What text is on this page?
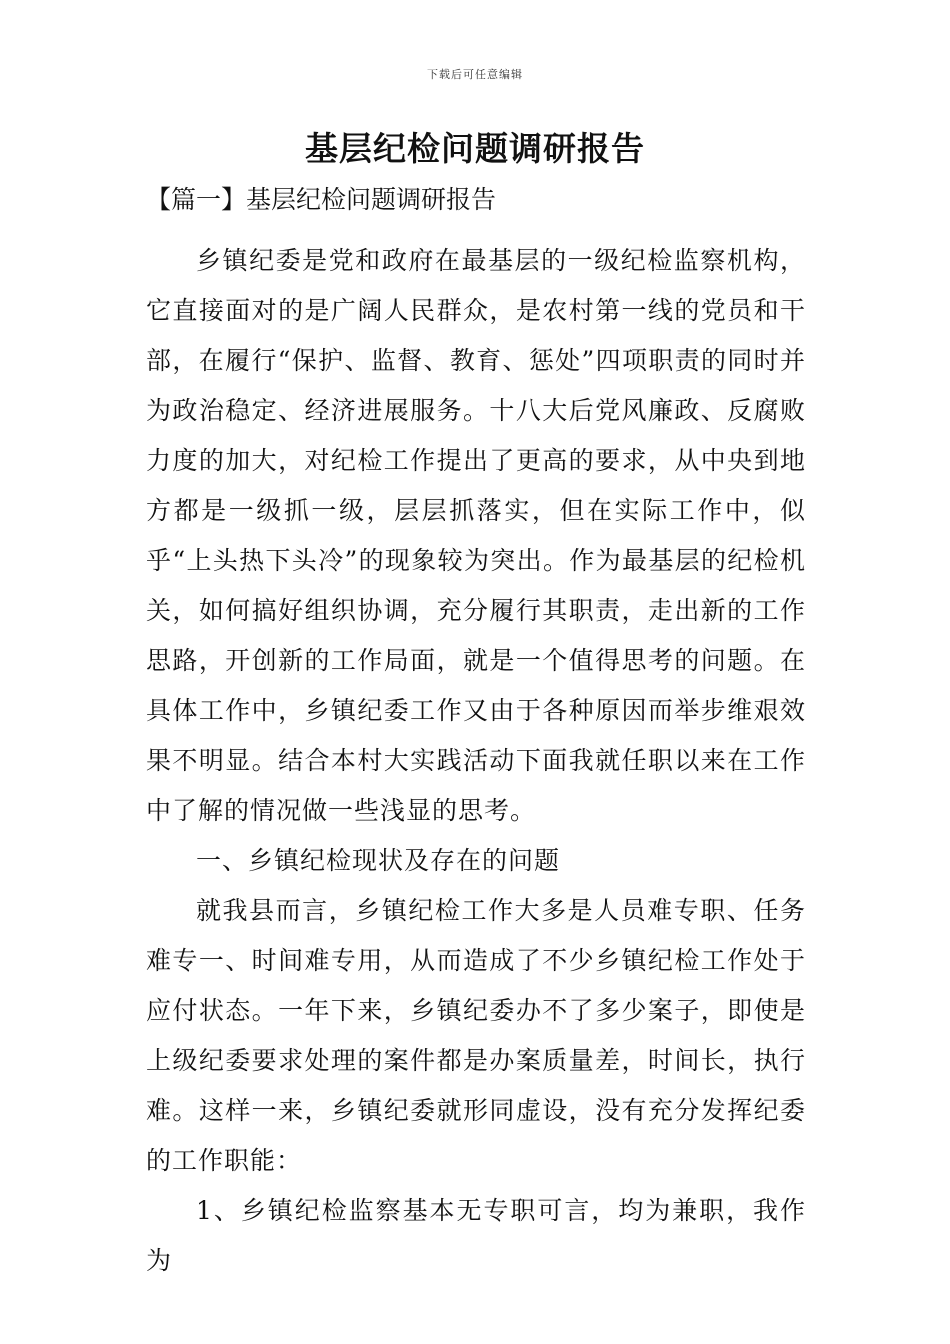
下载后可任意编辑
基层纪检问题调研报告
【篇一】基层纪检问题调研报告

乡镇纪委是党和政府在最基层的一级纪检监察机构，它直接面对的是广阔人民群众，是农村第一线的党员和干部，在履行“保护、监督、教育、惩处”四项职责的同时并为政治稳定、经济进展服务。十八大后党风廉政、反腐败力度的加大，对纪检工作提出了更高的要求，从中央到地方都是一级抓一级，层层抓落实，但在实际工作中，似乎“上头热下头冷”的现象较为突出。作为最基层的纪检机关，如何搞好组织协调，充分履行其职责，走出新的工作思路，开创新的工作局面，就是一个值得思考的问题。在具体工作中，乡镇纪委工作又由于各种原因而举步维艰效果不明显。结合本村大实践活动下面我就任职以来在工作中了解的情况做一些浅显的思考。

一、乡镇纪检现状及存在的问题

就我县而言，乡镇纪检工作大多是人员难专职、任务难专一、时间难专用，从而造成了不少乡镇纪检工作处于应付状态。一年下来，乡镇纪委办不了多少案子，即使是上级纪委要求处理的案件都是办案质量差，时间长，执行难。这样一来，乡镇纪委就形同虚设，没有充分发挥纪委的工作职能：

1、乡镇纪检监察基本无专职可言，均为兼职，我作为
